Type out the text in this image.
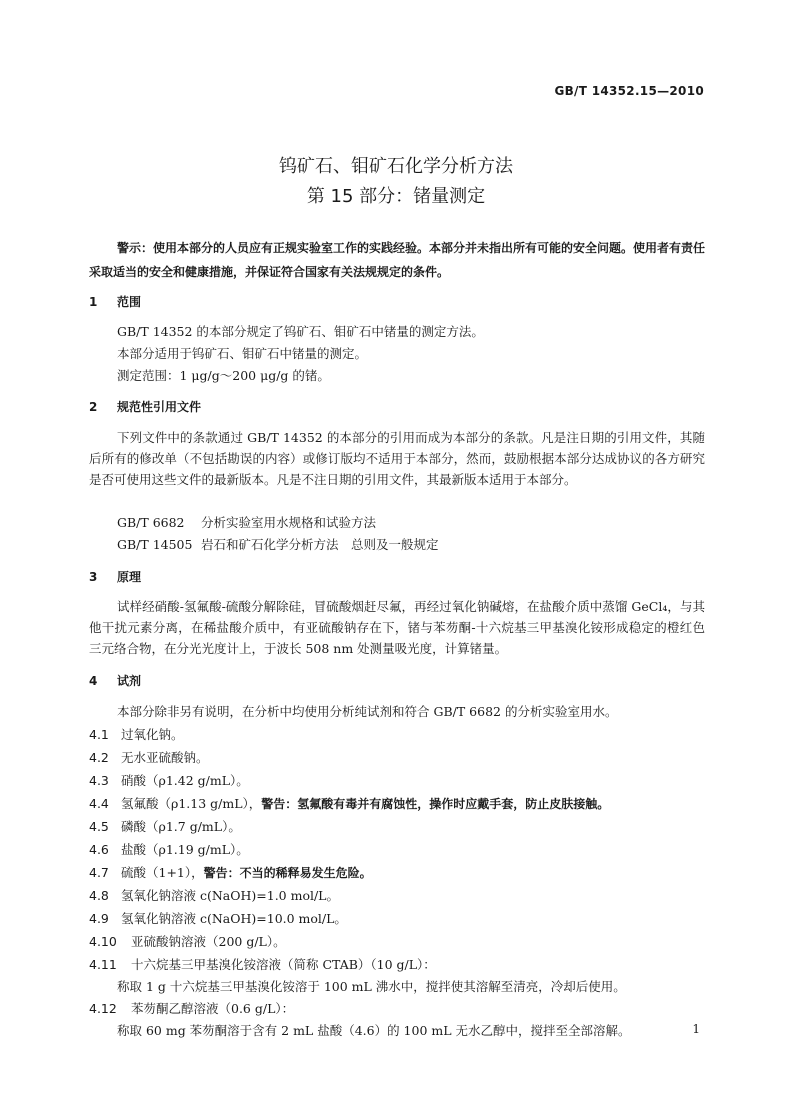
GB/T 14352.15—2010
钨矿石、钼矿石化学分析方法
第 15 部分：锗量测定
警示：使用本部分的人员应有正规实验室工作的实践经验。本部分并未指出所有可能的安全问题。使用者有责任采取适当的安全和健康措施，并保证符合国家有关法规规定的条件。
1 范围
GB/T 14352 的本部分规定了钨矿石、钼矿石中锗量的测定方法。
本部分适用于钨矿石、钼矿石中锗量的测定。
测定范围：1 μg/g～200 μg/g 的锗。
2 规范性引用文件
下列文件中的条款通过 GB/T 14352 的本部分的引用而成为本部分的条款。凡是注日期的引用文件，其随后所有的修改单（不包括勘误的内容）或修订版均不适用于本部分，然而，鼓励根据本部分达成协议的各方研究是否可使用这些文件的最新版本。凡是不注日期的引用文件，其最新版本适用于本部分。
GB/T 6682 分析实验室用水规格和试验方法
GB/T 14505 岩石和矿石化学分析方法　总则及一般规定
3 原理
试样经硝酸-氢氟酸-硫酸分解除硅，冒硫酸烟赶尽氟，再经过氧化钠碱熔，在盐酸介质中蒸馏 GeCl₄，与其他干扰元素分离，在稀盐酸介质中，有亚硫酸钠存在下，锗与苯芴酮-十六烷基三甲基溴化铵形成稳定的橙红色三元络合物，在分光光度计上，于波长 508 nm 处测量吸光度，计算锗量。
4 试剂
本部分除非另有说明，在分析中均使用分析纯试剂和符合 GB/T 6682 的分析实验室用水。
4.1 过氧化钠。
4.2 无水亚硫酸钠。
4.3 硝酸（ρ1.42 g/mL）。
4.4 氢氟酸（ρ1.13 g/mL），警告：氢氟酸有毒并有腐蚀性，操作时应戴手套，防止皮肤接触。
4.5 磷酸（ρ1.7 g/mL）。
4.6 盐酸（ρ1.19 g/mL）。
4.7 硫酸（1+1），警告：不当的稀释易发生危险。
4.8 氢氧化钠溶液 c(NaOH)=1.0 mol/L。
4.9 氢氧化钠溶液 c(NaOH)=10.0 mol/L。
4.10 亚硫酸钠溶液（200 g/L）。
4.11 十六烷基三甲基溴化铵溶液（简称 CTAB）（10 g/L）：
称取 1 g 十六烷基三甲基溴化铵溶于 100 mL 沸水中，搅拌使其溶解至清亮，冷却后使用。
4.12 苯芴酮乙醇溶液（0.6 g/L）：
称取 60 mg 苯芴酮溶于含有 2 mL 盐酸（4.6）的 100 mL 无水乙醇中，搅拌至全部溶解。	1
